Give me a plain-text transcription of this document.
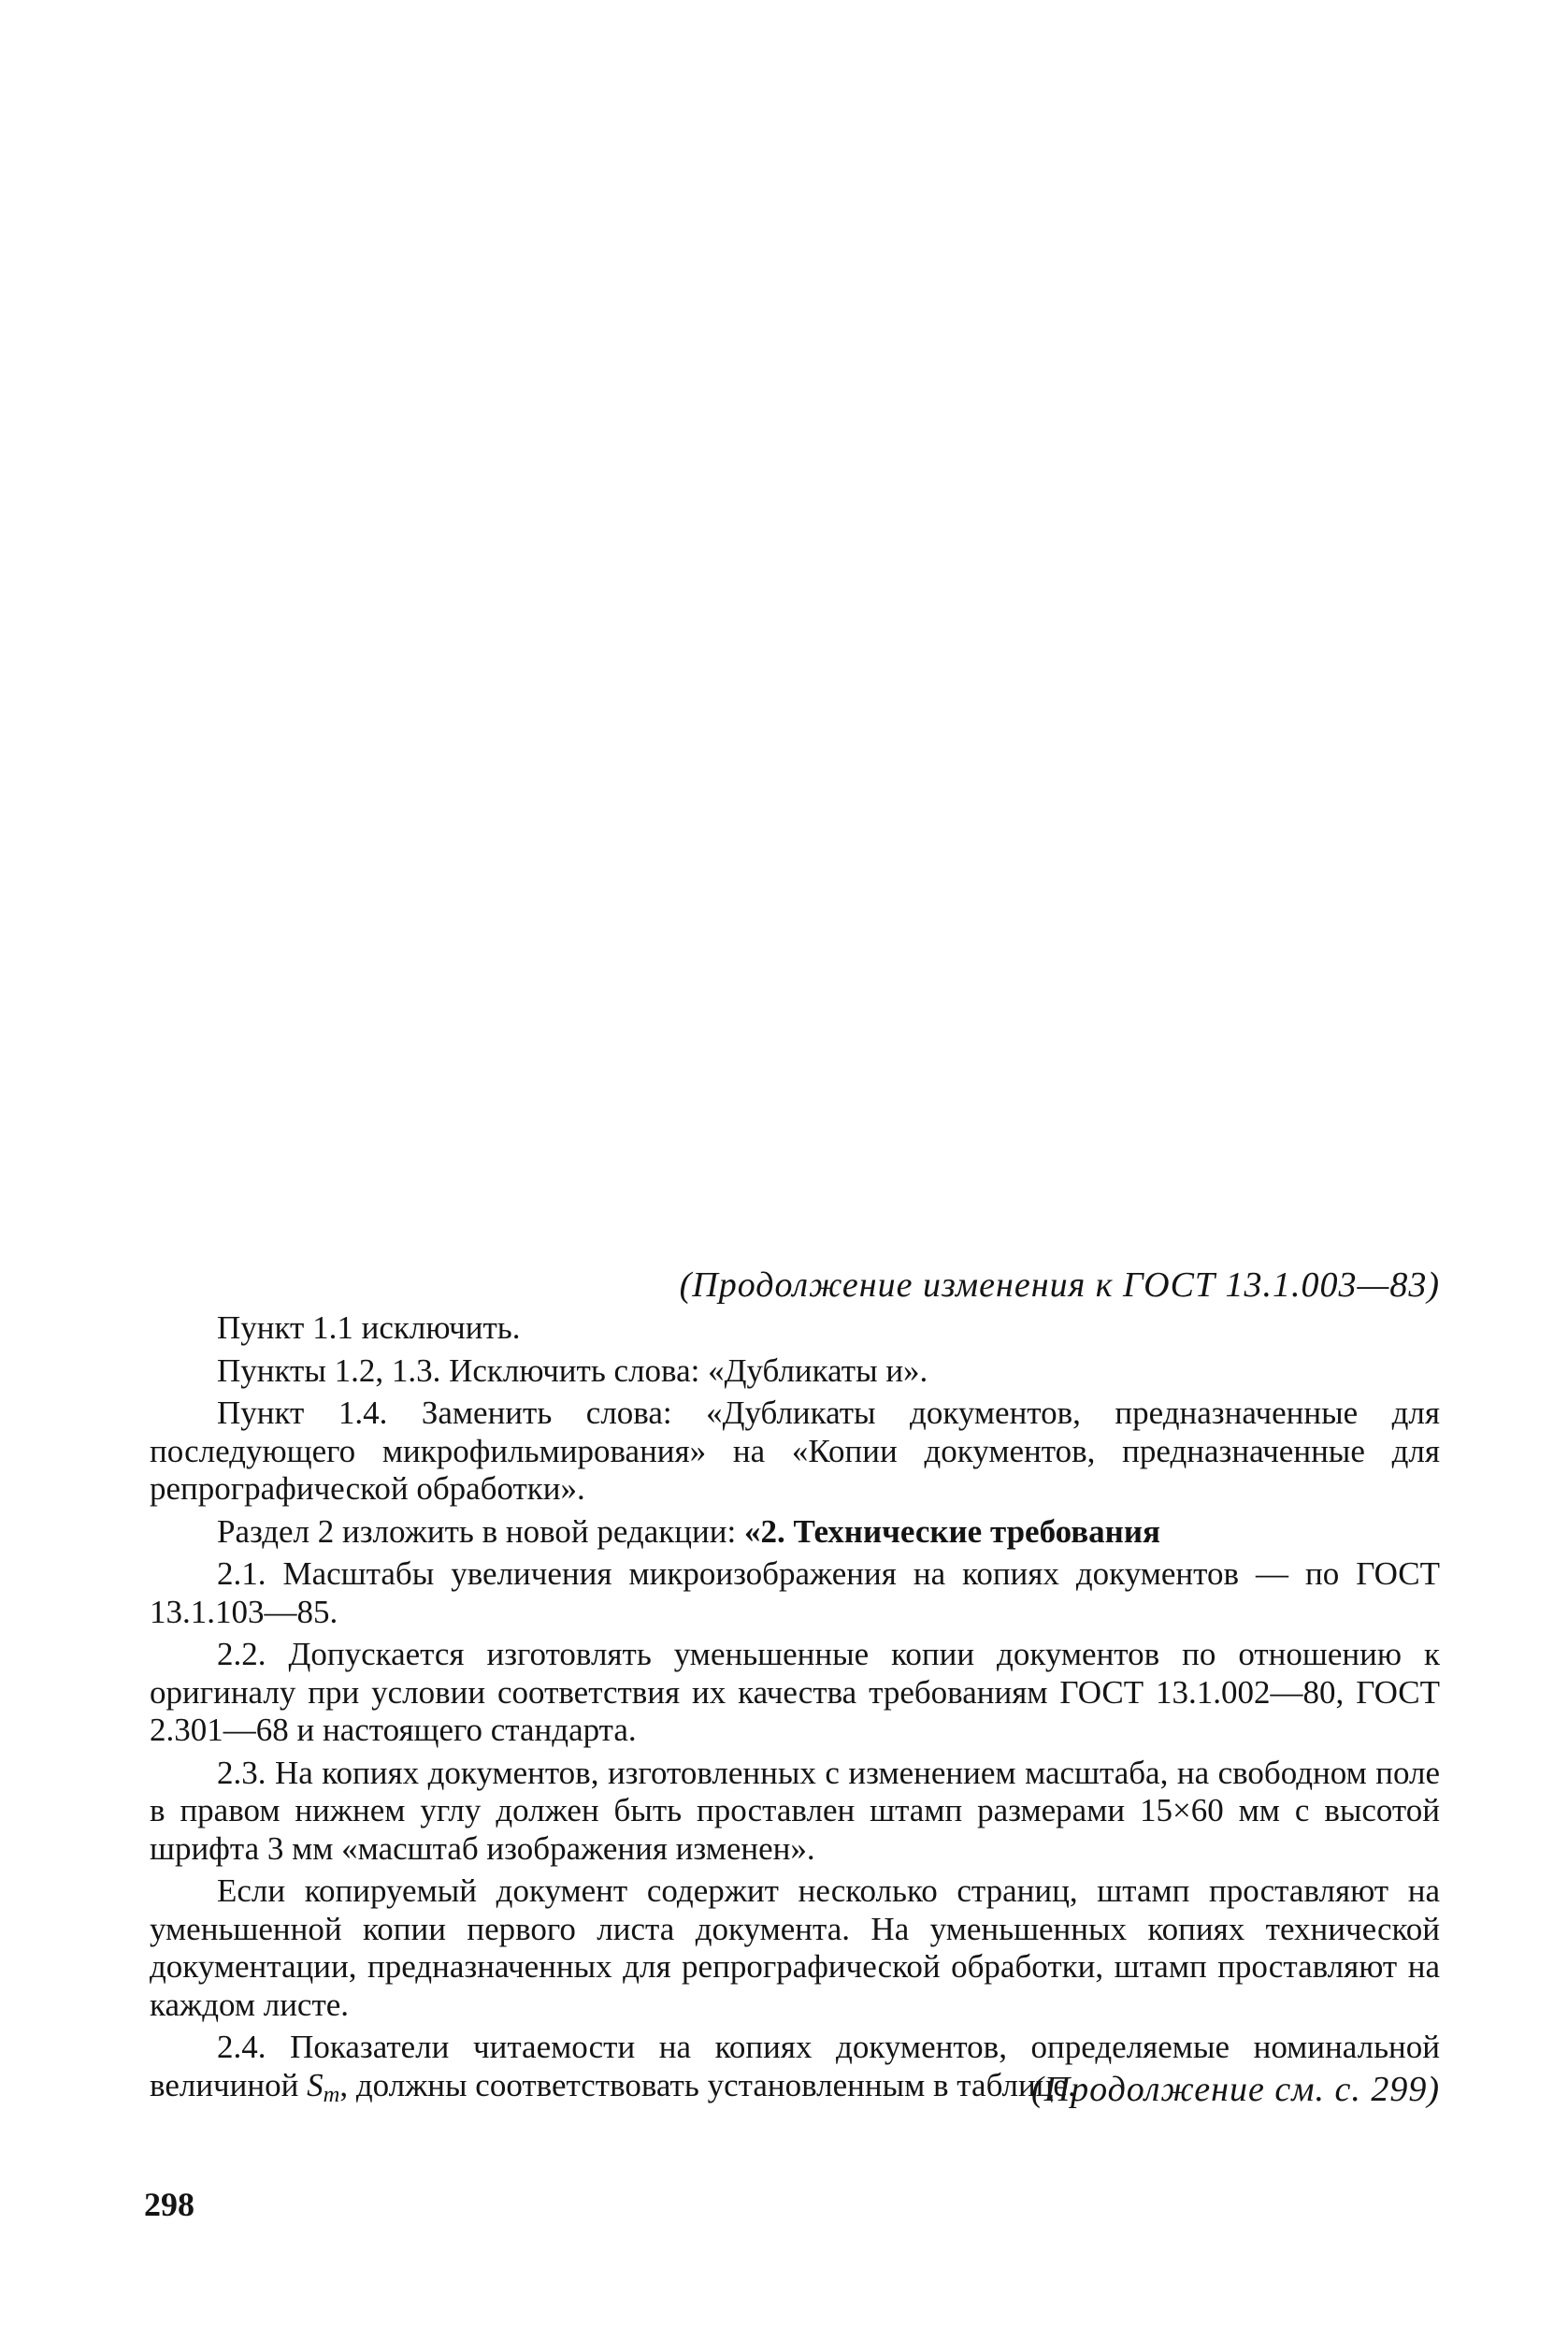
(Продолжение изменения к ГОСТ 13.1.003—83)

Пункт 1.1 исключить.

Пункты 1.2, 1.3. Исключить слова: «Дубликаты и».

Пункт 1.4. Заменить слова: «Дубликаты документов, предназначенные для последующего микрофильмирования» на «Копии документов, предназначенные для репрографической обработки».

Раздел 2 изложить в новой редакции: «2. Технические требования

2.1. Масштабы увеличения микроизображения на копиях документов — по ГОСТ 13.1.103—85.

2.2. Допускается изготовлять уменьшенные копии документов по отношению к оригиналу при условии соответствия их качества требованиям ГОСТ 13.1.002—80, ГОСТ 2.301—68 и настоящего стандарта.

2.3. На копиях документов, изготовленных с изменением масштаба, на свободном поле в правом нижнем углу должен быть проставлен штамп размерами 15×60 мм с высотой шрифта 3 мм «масштаб изображения изменен».

Если копируемый документ содержит несколько страниц, штамп проставляют на уменьшенной копии первого листа документа. На уменьшенных копиях технической документации, предназначенных для репрографической обработки, штамп проставляют на каждом листе.

2.4. Показатели читаемости на копиях документов, определяемые номинальной величиной $S_m$, должны соответствовать установленным в таблице.

(Продолжение см. с. 299)
298
